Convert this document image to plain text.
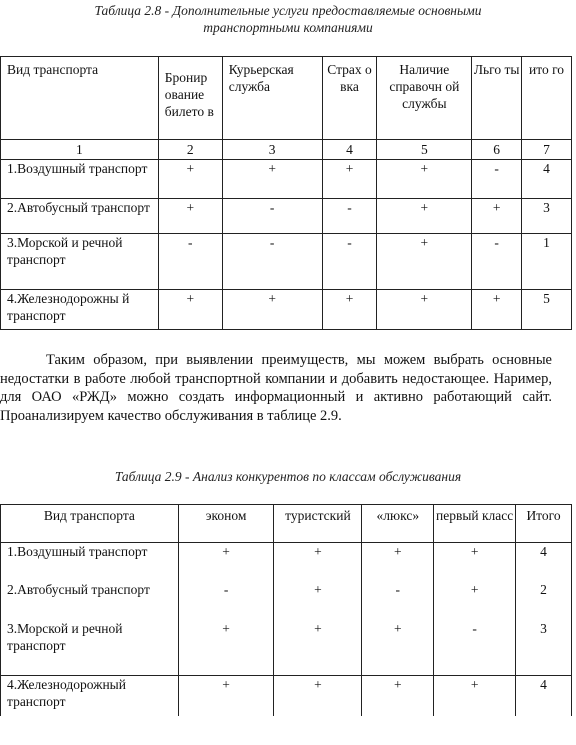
Таблица 2.8 - Дополнительные услуги предоставляемые основными
транспортными компаниями
Вид транспорта	Бронир ование билето в	Курьерская служба	Страх о вка	Наличие справочн ой службы	Льго ты	ито го
1	2	3	4	5	6	7
1.Воздушный транспорт	+	+	+	+	-	4
2.Автобусный транспорт	+	-	-	+	+	3
3.Морской и речной транспорт	-	-	-	+	-	1
4.Железнодорожны й транспорт	+	+	+	+	+	5
Таким образом, при выявлении преимуществ, мы можем выбрать основные недостатки в работе любой транспортной компании и добавить недостающее. Наример, для ОАО «РЖД» можно создать информационный и активно работающий сайт. Проанализируем качество обслуживания в таблице 2.9.
Таблица 2.9 - Анализ конкурентов по классам обслуживания
Вид транспорта	эконом	туристский	«люкс»	первый класс	Итого
1.Воздушный транспорт	+	+	+	+	4
2.Автобусный транспорт	-	+	-	+	2
3.Морской и речной транспорт	+	+	+	-	3
4.Железнодорожный транспорт	+	+	+	+	4
